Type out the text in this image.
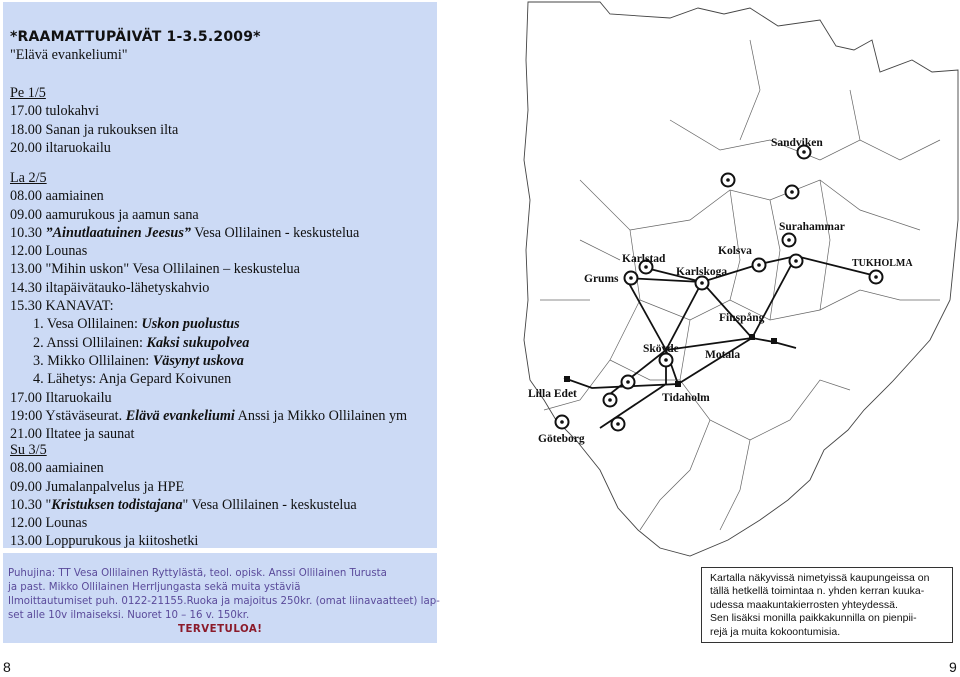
*RAAMATTUPÄIVÄT 1-3.5.2009*
"Elävä evankeliumi"
Pe 1/5
17.00 tulokahvi
18.00 Sanan ja rukouksen ilta
20.00 iltaruokailu
La 2/5
08.00 aamiainen
09.00 aamurukous ja aamun sana
10.30 ”Ainutlaatuinen Jeesus” Vesa Ollilainen - keskustelua
12.00 Lounas
13.00 "Mihin uskon" Vesa Ollilainen – keskustelua
14.30 iltapäivätauko-lähetyskahvio
15.30 KANAVAT:
1. Vesa Ollilainen: Uskon puolustus
2. Anssi Ollilainen: Kaksi sukupolvea
3. Mikko Ollilainen: Väsynyt uskova
4. Lähetys: Anja Gepard Koivunen
17.00 Iltaruokailu
19:00 Ystäväseurat. Elävä evankeliumi Anssi ja Mikko Ollilainen ym
21.00 Iltatee ja saunat
Su 3/5
08.00 aamiainen
09.00 Jumalanpalvelus ja HPE
10.30 "Kristuksen todistajana" Vesa Ollilainen - keskustelua
12.00 Lounas
13.00 Loppurukous ja kiitoshetki
Puhujina: TT Vesa Ollilainen Ryttylästä, teol. opisk. Anssi Ollilainen Turusta
ja past. Mikko Ollilainen Herrljungasta sekä muita ystäviä
Ilmoittautumiset puh. 0122-21155.Ruoka ja majoitus 250kr. (omat liinavaatteet) lap-
set alle 10v ilmaiseksi. Nuoret 10 – 16 v. 150kr.
TERVETULOA!
Sandviken
Surahammar
Kolsva
TUKHOLMA
Karlstad
Karlskoga
Grums
Finspång
Skövde Motala
Lilla Edet	Tidaholm
Göteborg
Kartalla näkyvissä nimetyissä kaupungeissa on
tällä hetkellä toimintaa n. yhden kerran kuuka-
udessa maakuntakierrosten yhteydessä.
Sen lisäksi monilla paikkakunnilla on pienpii-
rejä ja muita kokoontumisia.
8	9
